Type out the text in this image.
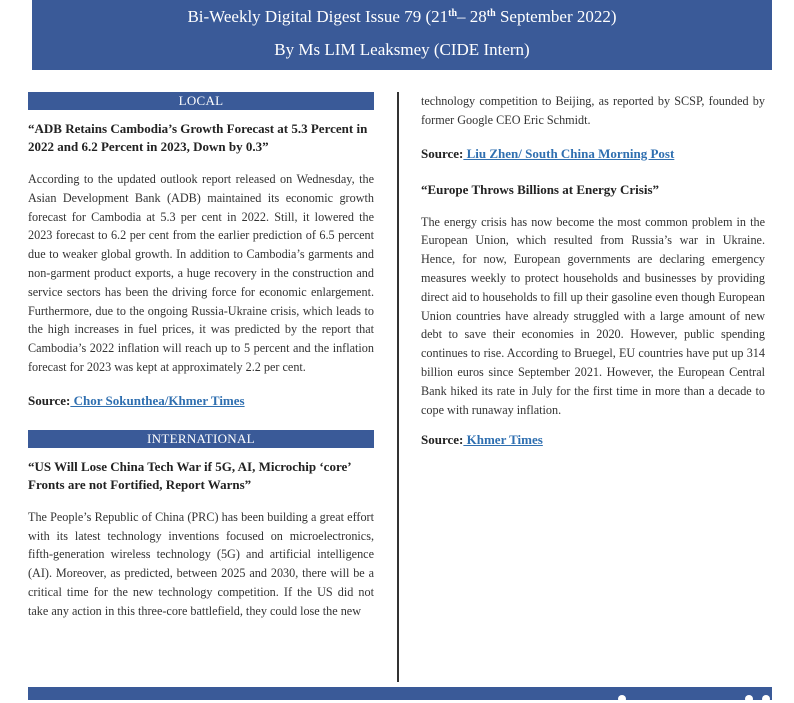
Bi-Weekly Digital Digest Issue 79 (21th– 28th September 2022)
By Ms LIM Leaksmey (CIDE Intern)
LOCAL

“ADB Retains Cambodia’s Growth Forecast at 5.3 Percent in 2022 and 6.2 Percent in 2023, Down by 0.3”

According to the updated outlook report released on Wednesday, the Asian Development Bank (ADB) maintained its economic growth forecast for Cambodia at 5.3 per cent in 2022. Still, it lowered the 2023 forecast to 6.2 per cent from the earlier prediction of 6.5 percent due to weaker global growth. In addition to Cambodia’s garments and non-garment product exports, a huge recovery in the construction and service sectors has been the driving force for economic enlargement. Furthermore, due to the ongoing Russia-Ukraine crisis, which leads to the high increases in fuel prices, it was predicted by the report that Cambodia’s 2022 inflation will reach up to 5 percent and the inflation forecast for 2023 was kept at approximately 2.2 per cent.

Source: Chor Sokunthea/Khmer Times

INTERNATIONAL

“US Will Lose China Tech War if 5G, AI, Microchip ‘core’ Fronts are not Fortified, Report Warns”

The People’s Republic of China (PRC) has been building a great effort with its latest technology inventions focused on microelectronics, fifth-generation wireless technology (5G) and artificial intelligence (AI). Moreover, as predicted, between 2025 and 2030, there will be a critical time for the new technology competition. If the US did not take any action in this three-core battlefield, they could lose the new

technology competition to Beijing, as reported by SCSP, founded by former Google CEO Eric Schmidt.

Source: Liu Zhen/ South China Morning Post

“Europe Throws Billions at Energy Crisis”

The energy crisis has now become the most common problem in the European Union, which resulted from Russia’s war in Ukraine. Hence, for now, European governments are declaring emergency measures weekly to protect households and businesses by providing direct aid to households to fill up their gasoline even though European Union countries have already struggled with a large amount of new debt to save their economies in 2020. However, public spending continues to rise. According to Bruegel, EU countries have put up 314 billion euros since September 2021. However, the European Central Bank hiked its rate in July for the first time in more than a decade to cope with runaway inflation.

Source: Khmer Times
